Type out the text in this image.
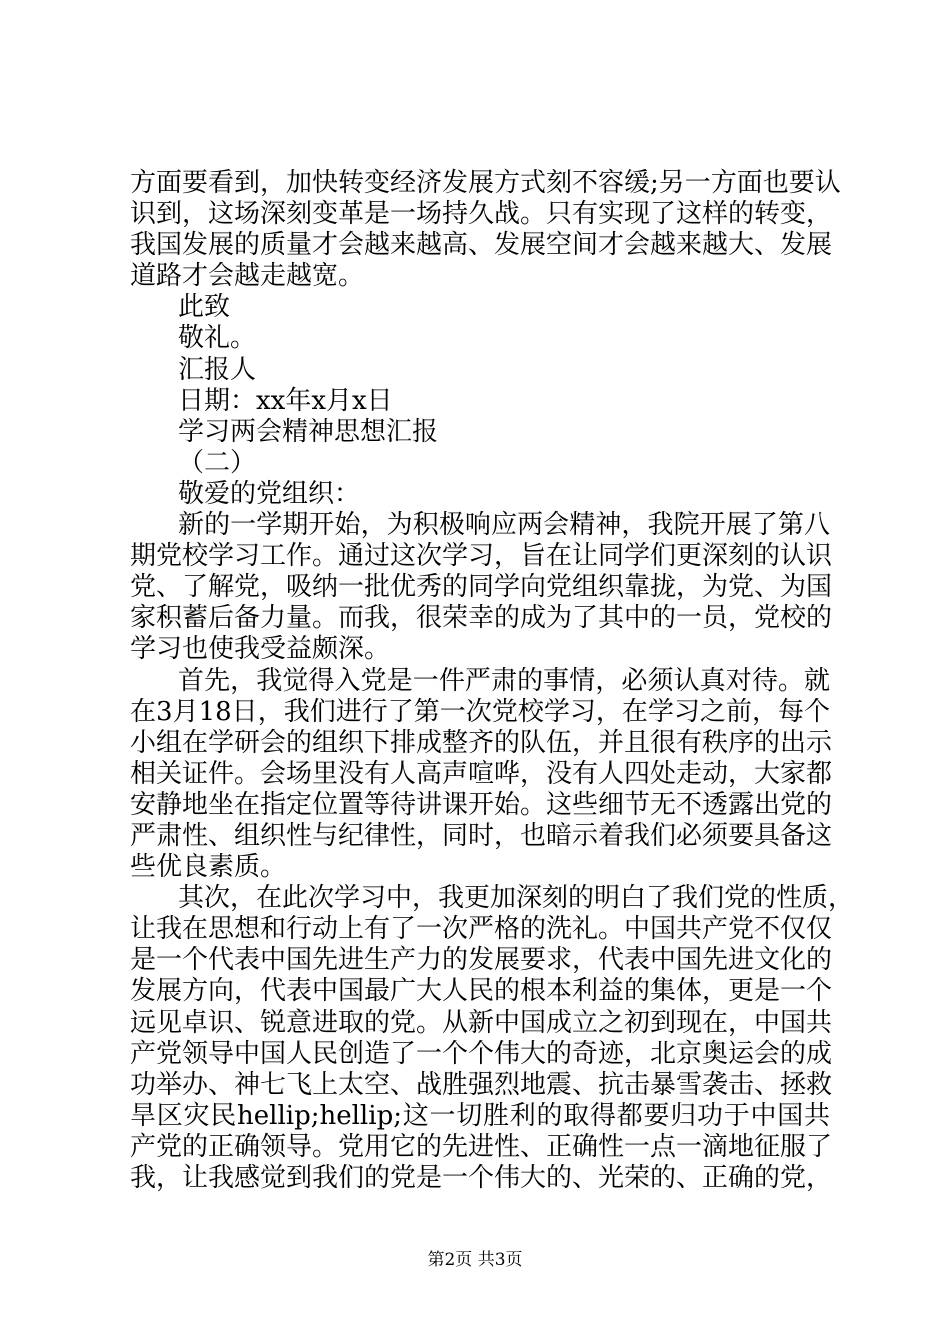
方面要看到，加快转变经济发展方式刻不容缓;另一方面也要认
识到，这场深刻变革是一场持久战。只有实现了这样的转变，
我国发展的质量才会越来越高、发展空间才会越来越大、发展
道路才会越走越宽。
此致
敬礼。
汇报人
日期：xx年x月x日
学习两会精神思想汇报
（二）
敬爱的党组织：
新的一学期开始，为积极响应两会精神，我院开展了第八
期党校学习工作。通过这次学习，旨在让同学们更深刻的认识
党、了解党，吸纳一批优秀的同学向党组织靠拢，为党、为国
家积蓄后备力量。而我，很荣幸的成为了其中的一员，党校的
学习也使我受益颇深。
首先，我觉得入党是一件严肃的事情，必须认真对待。就
在3月18日，我们进行了第一次党校学习，在学习之前，每个
小组在学研会的组织下排成整齐的队伍，并且很有秩序的出示
相关证件。会场里没有人高声喧哗，没有人四处走动，大家都
安静地坐在指定位置等待讲课开始。这些细节无不透露出党的
严肃性、组织性与纪律性，同时，也暗示着我们必须要具备这
些优良素质。
其次，在此次学习中，我更加深刻的明白了我们党的性质，
让我在思想和行动上有了一次严格的洗礼。中国共产党不仅仅
是一个代表中国先进生产力的发展要求，代表中国先进文化的
发展方向，代表中国最广大人民的根本利益的集体，更是一个
远见卓识、锐意进取的党。从新中国成立之初到现在，中国共
产党领导中国人民创造了一个个伟大的奇迹，北京奥运会的成
功举办、神七飞上太空、战胜强烈地震、抗击暴雪袭击、拯救
旱区灾民hellip;hellip;这一切胜利的取得都要归功于中国共
产党的正确领导。党用它的先进性、正确性一点一滴地征服了
我，让我感觉到我们的党是一个伟大的、光荣的、正确的党，
第2页 共3页
